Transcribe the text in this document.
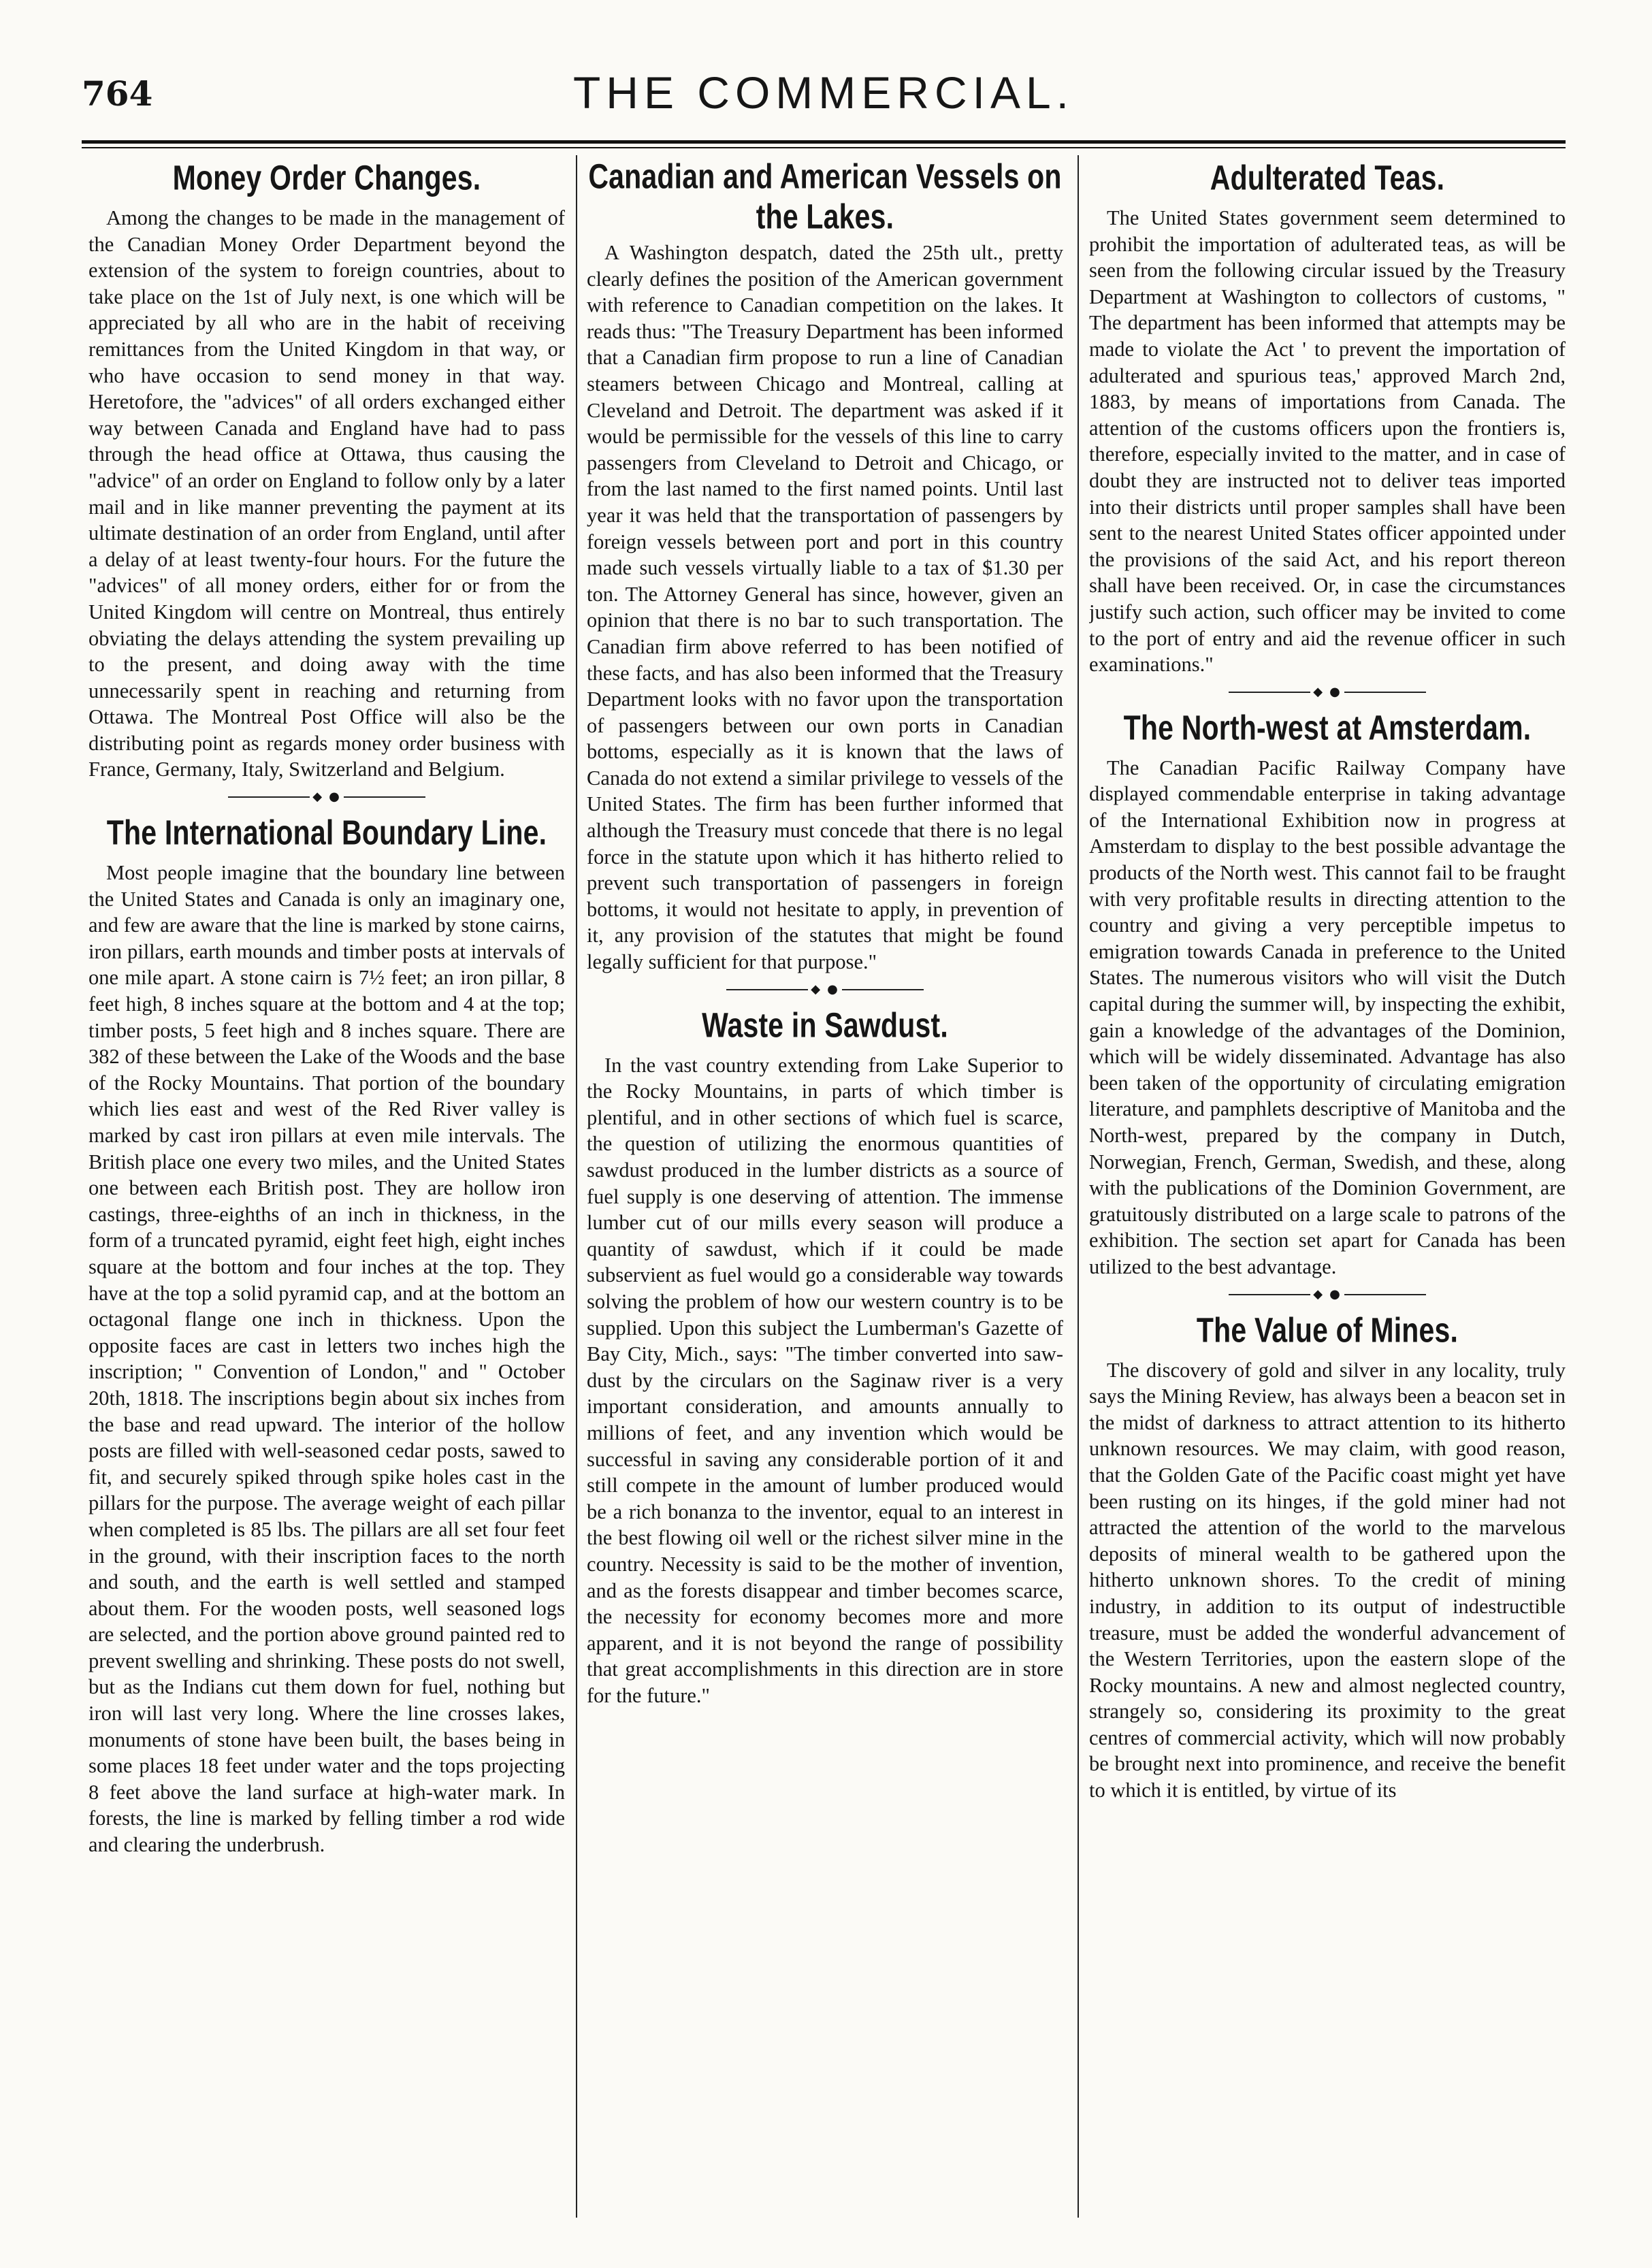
764	THE COMMERCIAL.
Money Order Changes.

Among the changes to be made in the management of the Canadian Money Order Department beyond the extension of the system to foreign countries, about to take place on the 1st of July next, is one which will be appreciated by all who are in the habit of receiving remittances from the United Kingdom in that way, or who have occasion to send money in that way. Heretofore, the "advices" of all orders exchanged either way between Canada and England have had to pass through the head office at Ottawa, thus causing the "advice" of an order on England to follow only by a later mail and in like manner preventing the payment at its ultimate destination of an order from England, until after a delay of at least twenty-four hours. For the future the "advices" of all money orders, either for or from the United Kingdom will centre on Montreal, thus entirely obviating the delays attending the system prevailing up to the present, and doing away with the time unnecessarily spent in reaching and returning from Ottawa. The Montreal Post Office will also be the distributing point as regards money order business with France, Germany, Italy, Switzerland and Belgium.

◆ ●
The International Boundary Line.

Most people imagine that the boundary line between the United States and Canada is only an imaginary one, and few are aware that the line is marked by stone cairns, iron pillars, earth mounds and timber posts at intervals of one mile apart. A stone cairn is 7½ feet; an iron pillar, 8 feet high, 8 inches square at the bottom and 4 at the top; timber posts, 5 feet high and 8 inches square. There are 382 of these between the Lake of the Woods and the base of the Rocky Mountains. That portion of the boundary which lies east and west of the Red River valley is marked by cast iron pillars at even mile intervals. The British place one every two miles, and the United States one between each British post. They are hollow iron castings, three-eighths of an inch in thickness, in the form of a truncated pyramid, eight feet high, eight inches square at the bottom and four inches at the top. They have at the top a solid pyramid cap, and at the bottom an octagonal flange one inch in thickness. Upon the opposite faces are cast in letters two inches high the inscription; " Convention of London," and " October 20th, 1818. The inscriptions begin about six inches from the base and read upward. The interior of the hollow posts are filled with well-seasoned cedar posts, sawed to fit, and securely spiked through spike holes cast in the pillars for the purpose. The average weight of each pillar when completed is 85 lbs. The pillars are all set four feet in the ground, with their inscription faces to the north and south, and the earth is well settled and stamped about them. For the wooden posts, well seasoned logs are selected, and the portion above ground painted red to prevent swelling and shrinking. These posts do not swell, but as the Indians cut them down for fuel, nothing but iron will last very long. Where the line crosses lakes, monuments of stone have been built, the bases being in some places 18 feet under water and the tops projecting 8 feet above the land surface at high-water mark. In forests, the line is marked by felling timber a rod wide and clearing the underbrush.

Canadian and American Vessels on the Lakes.

A Washington despatch, dated the 25th ult., pretty clearly defines the position of the American government with reference to Canadian competition on the lakes. It reads thus: "The Treasury Department has been informed that a Canadian firm propose to run a line of Canadian steamers between Chicago and Montreal, calling at Cleveland and Detroit. The department was asked if it would be permissible for the vessels of this line to carry passengers from Cleveland to Detroit and Chicago, or from the last named to the first named points. Until last year it was held that the transportation of passengers by foreign vessels between port and port in this country made such vessels virtually liable to a tax of $1.30 per ton. The Attorney General has since, however, given an opinion that there is no bar to such transportation. The Canadian firm above referred to has been notified of these facts, and has also been informed that the Treasury Department looks with no favor upon the transportation of passengers between our own ports in Canadian bottoms, especially as it is known that the laws of Canada do not extend a similar privilege to vessels of the United States. The firm has been further informed that although the Treasury must concede that there is no legal force in the statute upon which it has hitherto relied to prevent such transportation of passengers in foreign bottoms, it would not hesitate to apply, in prevention of it, any provision of the statutes that might be found legally sufficient for that purpose."

◆ ●
Waste in Sawdust.

In the vast country extending from Lake Superior to the Rocky Mountains, in parts of which timber is plentiful, and in other sections of which fuel is scarce, the question of utilizing the enormous quantities of sawdust produced in the lumber districts as a source of fuel supply is one deserving of attention. The immense lumber cut of our mills every season will produce a quantity of sawdust, which if it could be made subservient as fuel would go a considerable way towards solving the problem of how our western country is to be supplied. Upon this subject the Lumberman's Gazette of Bay City, Mich., says: "The timber converted into saw-dust by the circulars on the Saginaw river is a very important consideration, and amounts annually to millions of feet, and any invention which would be successful in saving any considerable portion of it and still compete in the amount of lumber produced would be a rich bonanza to the inventor, equal to an interest in the best flowing oil well or the richest silver mine in the country. Necessity is said to be the mother of invention, and as the forests disappear and timber becomes scarce, the necessity for economy becomes more and more apparent, and it is not beyond the range of possibility that great accomplishments in this direction are in store for the future."

Adulterated Teas.

The United States government seem determined to prohibit the importation of adulterated teas, as will be seen from the following circular issued by the Treasury Department at Washington to collectors of customs, " The department has been informed that attempts may be made to violate the Act ' to prevent the importation of adulterated and spurious teas,' approved March 2nd, 1883, by means of importations from Canada. The attention of the customs officers upon the frontiers is, therefore, especially invited to the matter, and in case of doubt they are instructed not to deliver teas imported into their districts until proper samples shall have been sent to the nearest United States officer appointed under the provisions of the said Act, and his report thereon shall have been received. Or, in case the circumstances justify such action, such officer may be invited to come to the port of entry and aid the revenue officer in such examinations."

◆ ●
The North-west at Amsterdam.

The Canadian Pacific Railway Company have displayed commendable enterprise in taking advantage of the International Exhibition now in progress at Amsterdam to display to the best possible advantage the products of the North west. This cannot fail to be fraught with very profitable results in directing attention to the country and giving a very perceptible impetus to emigration towards Canada in preference to the United States. The numerous visitors who will visit the Dutch capital during the summer will, by inspecting the exhibit, gain a knowledge of the advantages of the Dominion, which will be widely disseminated. Advantage has also been taken of the opportunity of circulating emigration literature, and pamphlets descriptive of Manitoba and the North-west, prepared by the company in Dutch, Norwegian, French, German, Swedish, and these, along with the publications of the Dominion Government, are gratuitously distributed on a large scale to patrons of the exhibition. The section set apart for Canada has been utilized to the best advantage.

◆ ●
The Value of Mines.

The discovery of gold and silver in any locality, truly says the Mining Review, has always been a beacon set in the midst of darkness to attract attention to its hitherto unknown resources. We may claim, with good reason, that the Golden Gate of the Pacific coast might yet have been rusting on its hinges, if the gold miner had not attracted the attention of the world to the marvelous deposits of mineral wealth to be gathered upon the hitherto unknown shores. To the credit of mining industry, in addition to its output of indestructible treasure, must be added the wonderful advancement of the Western Territories, upon the eastern slope of the Rocky mountains. A new and almost neglected country, strangely so, considering its proximity to the great centres of commercial activity, which will now probably be brought next into prominence, and receive the benefit to which it is entitled, by virtue of its
